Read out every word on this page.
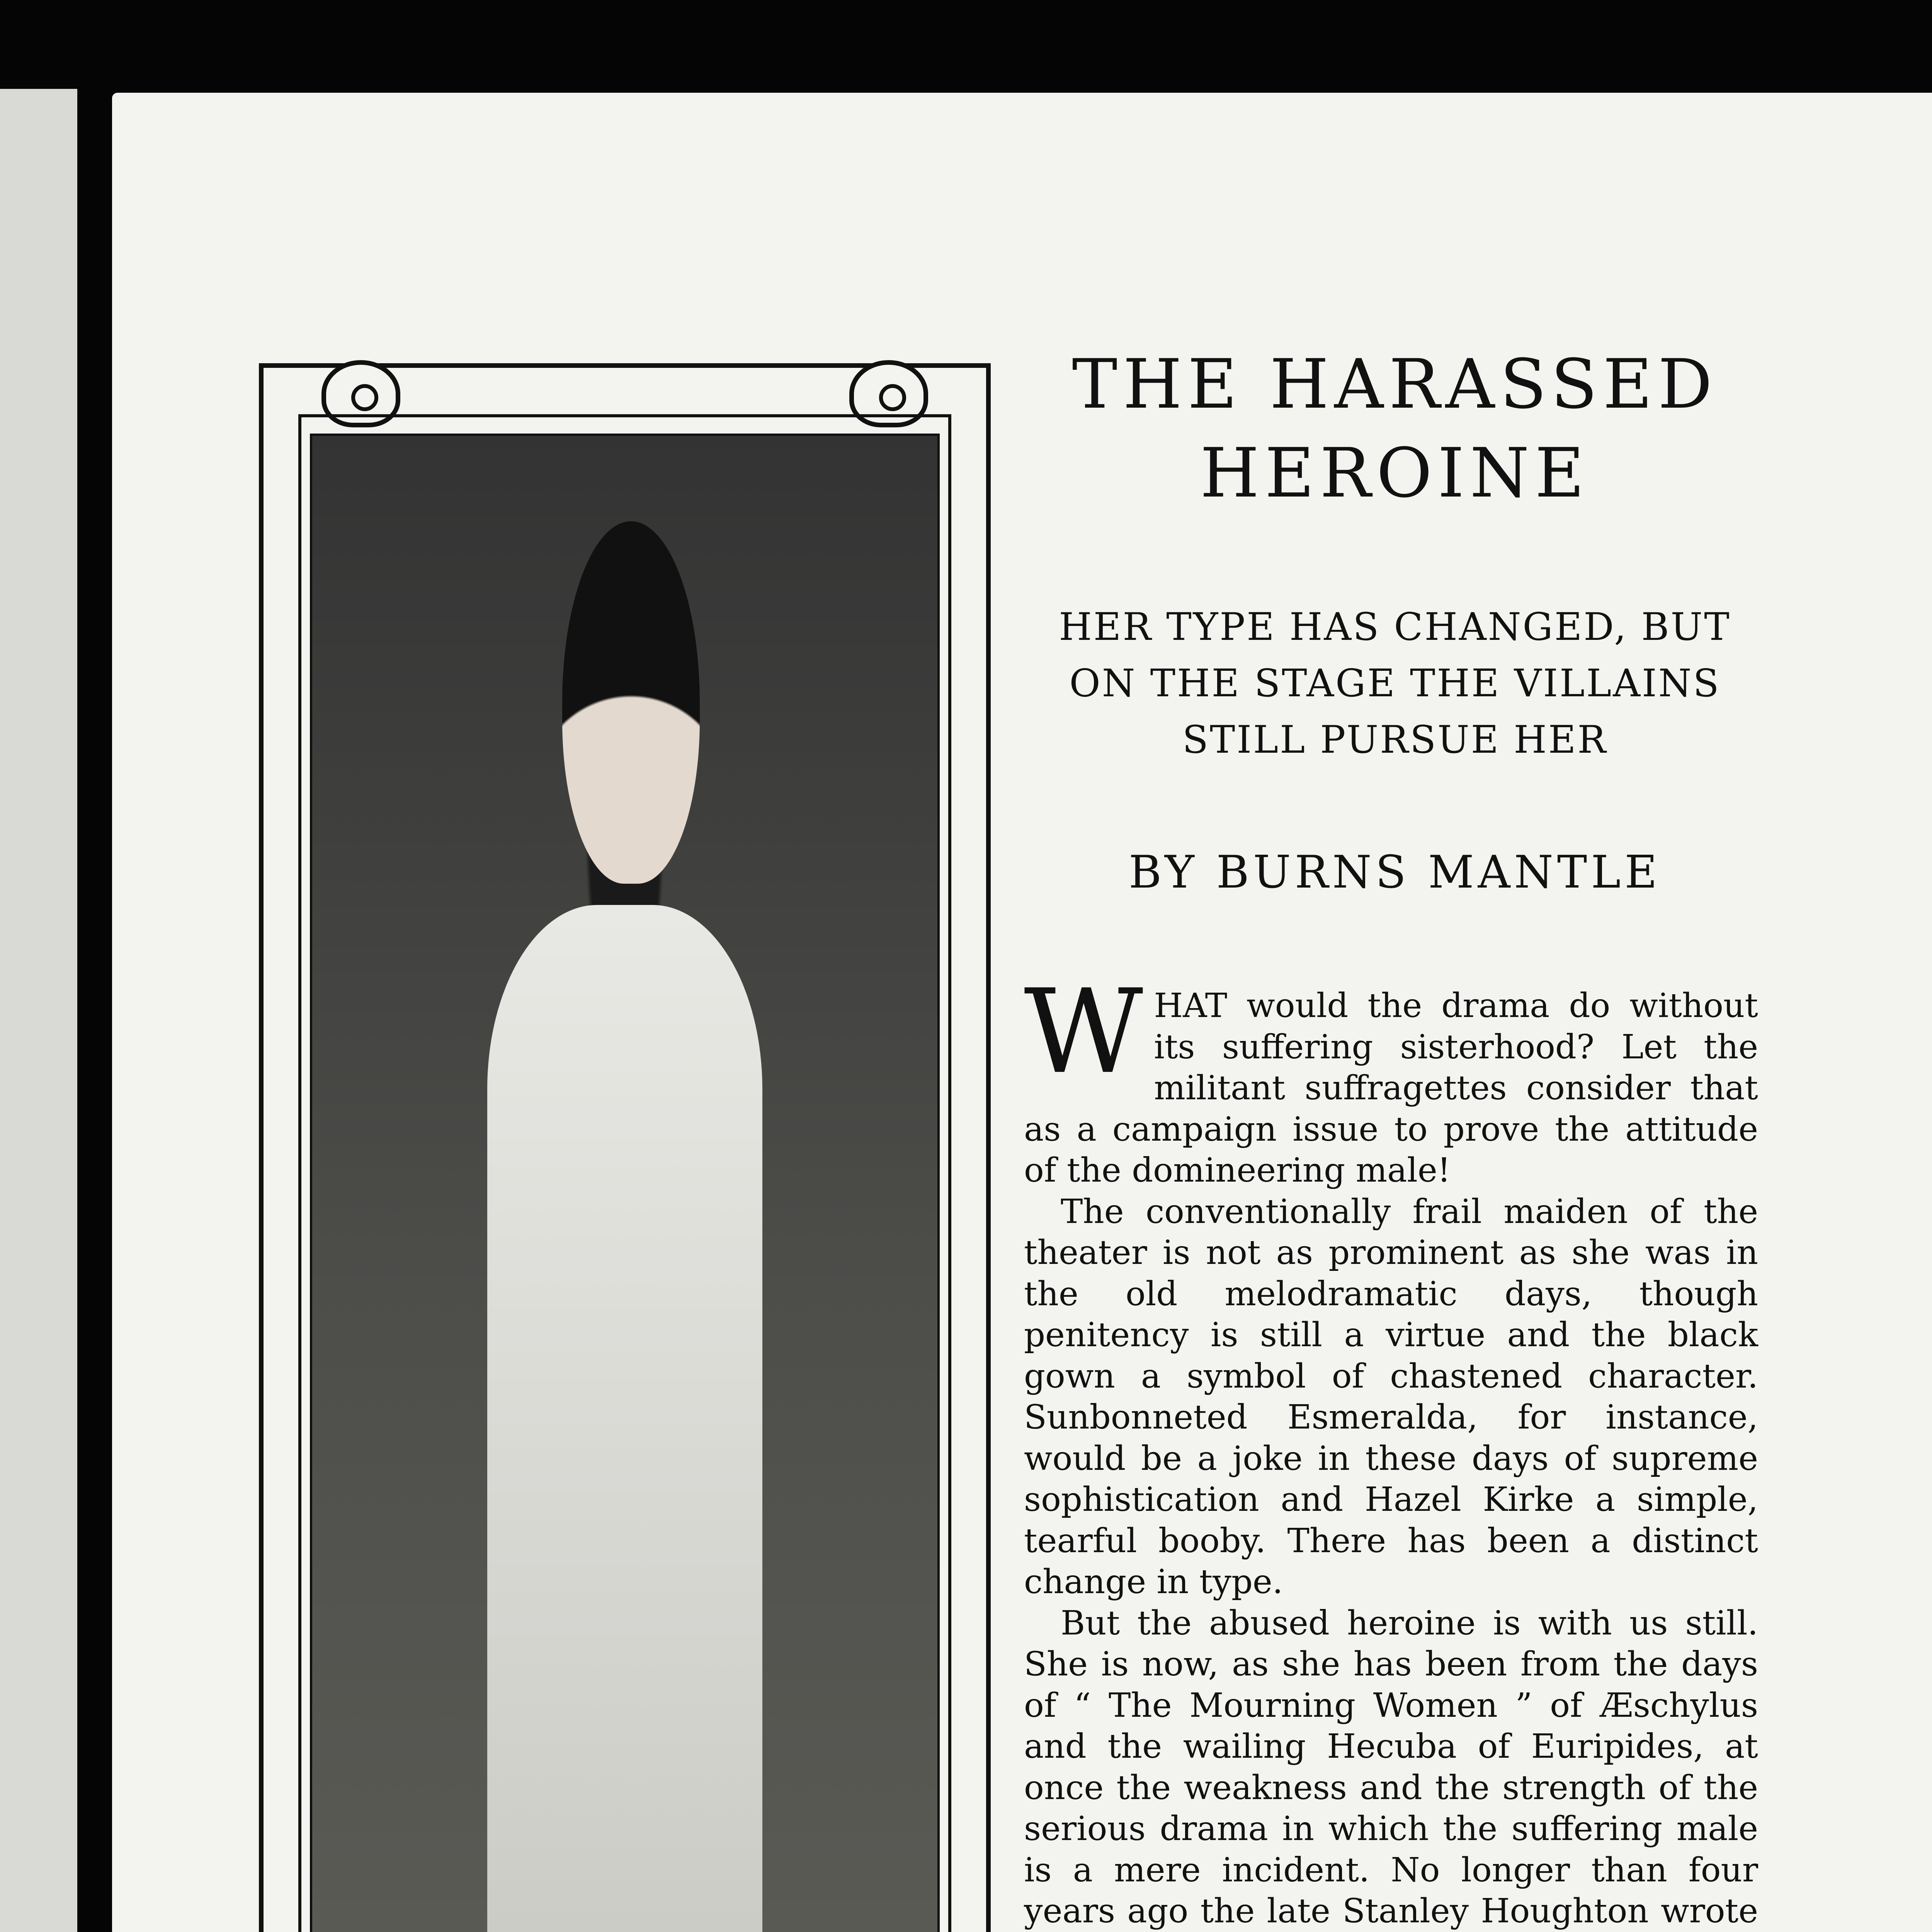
THE HARASSED
HEROINE
HER TYPE HAS CHANGED, BUT
ON THE STAGE THE VILLAINS
STILL PURSUE HER
BY BURNS MANTLE

WHAT would the drama do without its suffering sisterhood? Let the militant suffragettes consider that as a campaign issue to prove the attitude of the domineering male!

The conventionally frail maiden of the theater is not as prominent as she was in the old melodramatic days, though penitency is still a virtue and the black gown a symbol of chastened character. Sunbonneted Esmeralda, for instance, would be a joke in these days of supreme sophistication and Hazel Kirke a simple, tearful booby. There has been a distinct change in type.

But the abused heroine is with us still. She is now, as she has been from the days of “ The Mourning Women ” of Æschylus and the wailing Hecuba of Euripides, at once the weakness and the strength of the serious drama in which the suffering male is a mere incident. No longer than four years ago the late Stanley Houghton wrote
